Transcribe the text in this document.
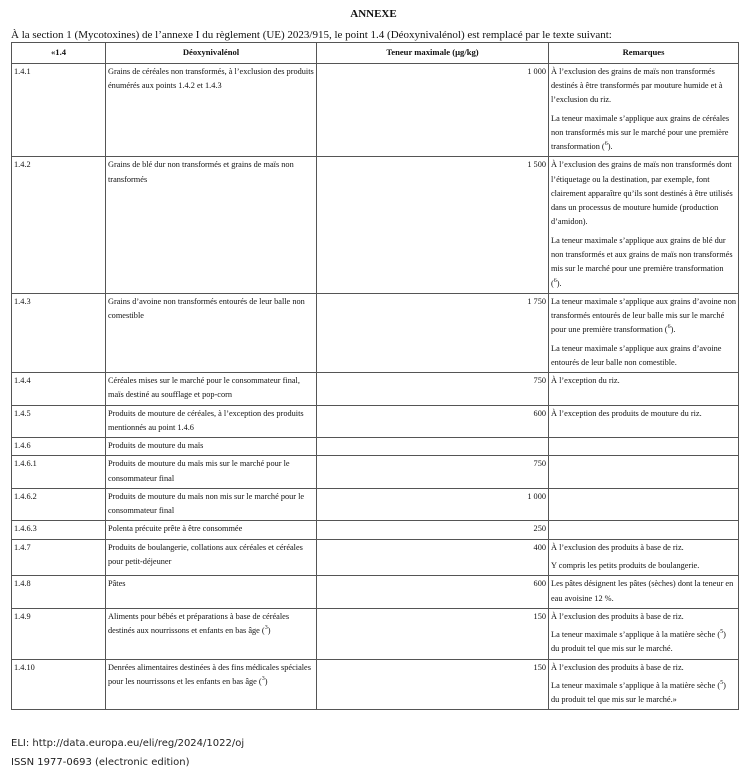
ANNEXE
À la section 1 (Mycotoxines) de l’annexe I du règlement (UE) 2023/915, le point 1.4 (Déoxynivalénol) est remplacé par le texte suivant:
«1.4	Déoxynivalénol	Teneur maximale (µg/kg)	Remarques
1.4.1	Grains de céréales non transformés, à l’exclusion des produits énumérés aux points 1.4.2 et 1.4.3	1 000	À l’exclusion des grains de maïs non transformés destinés à être transformés par mouture humide et à l’exclusion du riz.

La teneur maximale s’applique aux grains de céréales non transformés mis sur le marché pour une première transformation ($^6$).

1.4.2	Grains de blé dur non transformés et grains de maïs non transformés	1 500	À l’exclusion des grains de maïs non transformés dont l’étiquetage ou la destination, par exemple, font clairement apparaître qu’ils sont destinés à être utilisés dans un processus de mouture humide (production d’amidon).

La teneur maximale s’applique aux grains de blé dur non transformés et aux grains de maïs non transformés mis sur le marché pour une première transformation ($^6$).

1.4.3	Grains d’avoine non transformés entourés de leur balle non comestible	1 750	La teneur maximale s’applique aux grains d’avoine non transformés entourés de leur balle mis sur le marché pour une première transformation ($^6$).

La teneur maximale s’applique aux grains d’avoine entourés de leur balle non comestible.

1.4.4	Céréales mises sur le marché pour le consommateur final, maïs destiné au soufflage et pop-corn	750	À l’exception du riz.

1.4.5	Produits de mouture de céréales, à l’exception des produits mentionnés au point 1.4.6	600	À l’exception des produits de mouture du riz.

1.4.6	Produits de mouture du maïs		
1.4.6.1	Produits de mouture du maïs mis sur le marché pour le consommateur final	750	
1.4.6.2	Produits de mouture du maïs non mis sur le marché pour le consommateur final	1 000	
1.4.6.3	Polenta précuite prête à être consommée	250	
1.4.7	Produits de boulangerie, collations aux céréales et céréales pour petit-déjeuner	400	À l’exclusion des produits à base de riz.

Y compris les petits produits de boulangerie.

1.4.8	Pâtes	600	Les pâtes désignent les pâtes (sèches) dont la teneur en eau avoisine 12 %.

1.4.9	Aliments pour bébés et préparations à base de céréales destinés aux nourrissons et enfants en bas âge ($^3$)	150	À l’exclusion des produits à base de riz.

La teneur maximale s’applique à la matière sèche ($^5$) du produit tel que mis sur le marché.

1.4.10	Denrées alimentaires destinées à des fins médicales spéciales pour les nourrissons et les enfants en bas âge ($^3$)	150	À l’exclusion des produits à base de riz.

La teneur maximale s’applique à la matière sèche ($^5$) du produit tel que mis sur le marché.»

ELI: http://data.europa.eu/eli/reg/2024/1022/oj
ISSN 1977-0693 (electronic edition)
